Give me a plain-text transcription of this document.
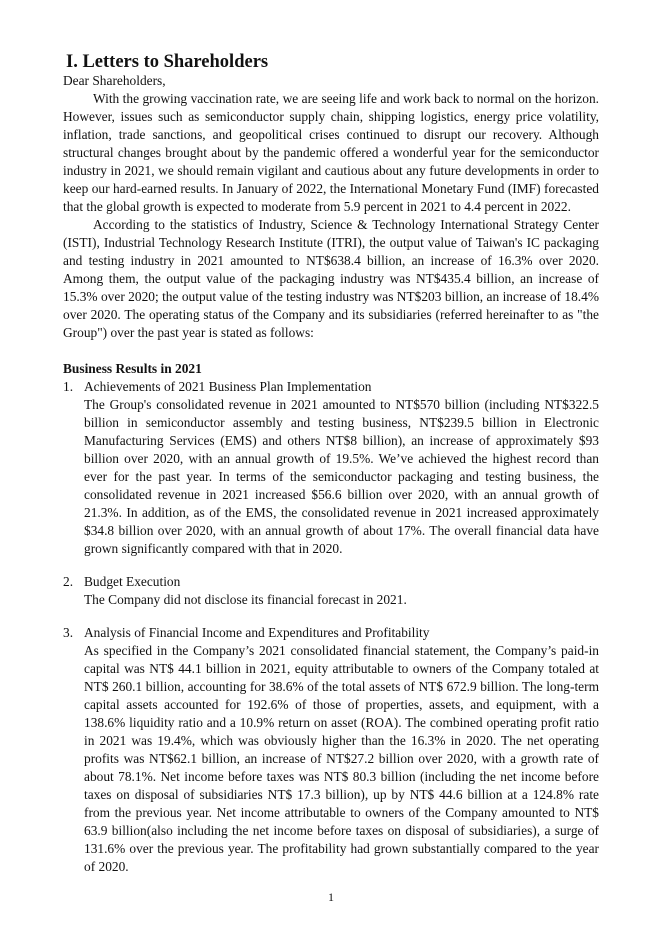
I. Letters to Shareholders

Dear Shareholders,

With the growing vaccination rate, we are seeing life and work back to normal on the horizon. However, issues such as semiconductor supply chain, shipping logistics, energy price volatility, inflation, trade sanctions, and geopolitical crises continued to disrupt our recovery. Although structural changes brought about by the pandemic offered a wonderful year for the semiconductor industry in 2021, we should remain vigilant and cautious about any future developments in order to keep our hard-earned results. In January of 2022, the International Monetary Fund (IMF) forecasted that the global growth is expected to moderate from 5.9 percent in 2021 to 4.4 percent in 2022.

According to the statistics of Industry, Science & Technology International Strategy Center (ISTI), Industrial Technology Research Institute (ITRI), the output value of Taiwan's IC packaging and testing industry in 2021 amounted to NT$638.4 billion, an increase of 16.3% over 2020. Among them, the output value of the packaging industry was NT$435.4 billion, an increase of 15.3% over 2020; the output value of the testing industry was NT$203 billion, an increase of 18.4% over 2020. The operating status of the Company and its subsidiaries (referred hereinafter to as "the Group") over the past year is stated as follows:

Business Results in 2021

1. Achievements of 2021 Business Plan Implementation
The Group's consolidated revenue in 2021 amounted to NT$570 billion (including NT$322.5 billion in semiconductor assembly and testing business, NT$239.5 billion in Electronic Manufacturing Services (EMS) and others NT$8 billion), an increase of approximately $93 billion over 2020, with an annual growth of 19.5%. We’ve achieved the highest record than ever for the past year. In terms of the semiconductor packaging and testing business, the consolidated revenue in 2021 increased $56.6 billion over 2020, with an annual growth of 21.3%. In addition, as of the EMS, the consolidated revenue in 2021 increased approximately $34.8 billion over 2020, with an annual growth of about 17%. The overall financial data have grown significantly compared with that in 2020.
2. Budget Execution
The Company did not disclose its financial forecast in 2021.
3. Analysis of Financial Income and Expenditures and Profitability
As specified in the Company’s 2021 consolidated financial statement, the Company’s paid-in capital was NT$ 44.1 billion in 2021, equity attributable to owners of the Company totaled at NT$ 260.1 billion, accounting for 38.6% of the total assets of NT$ 672.9 billion. The long-term capital assets accounted for 192.6% of those of properties, assets, and equipment, with a 138.6% liquidity ratio and a 10.9% return on asset (ROA). The combined operating profit ratio in 2021 was 19.4%, which was obviously higher than the 16.3% in 2020. The net operating profits was NT$62.1 billion, an increase of NT$27.2 billion over 2020, with a growth rate of about 78.1%. Net income before taxes was NT$ 80.3 billion (including the net income before taxes on disposal of subsidiaries NT$ 17.3 billion), up by NT$ 44.6 billion at a 124.8% rate from the previous year. Net income attributable to owners of the Company amounted to NT$ 63.9 billion(also including the net income before taxes on disposal of subsidiaries), a surge of 131.6% over the previous year. The profitability had grown substantially compared to the year of 2020.
1
